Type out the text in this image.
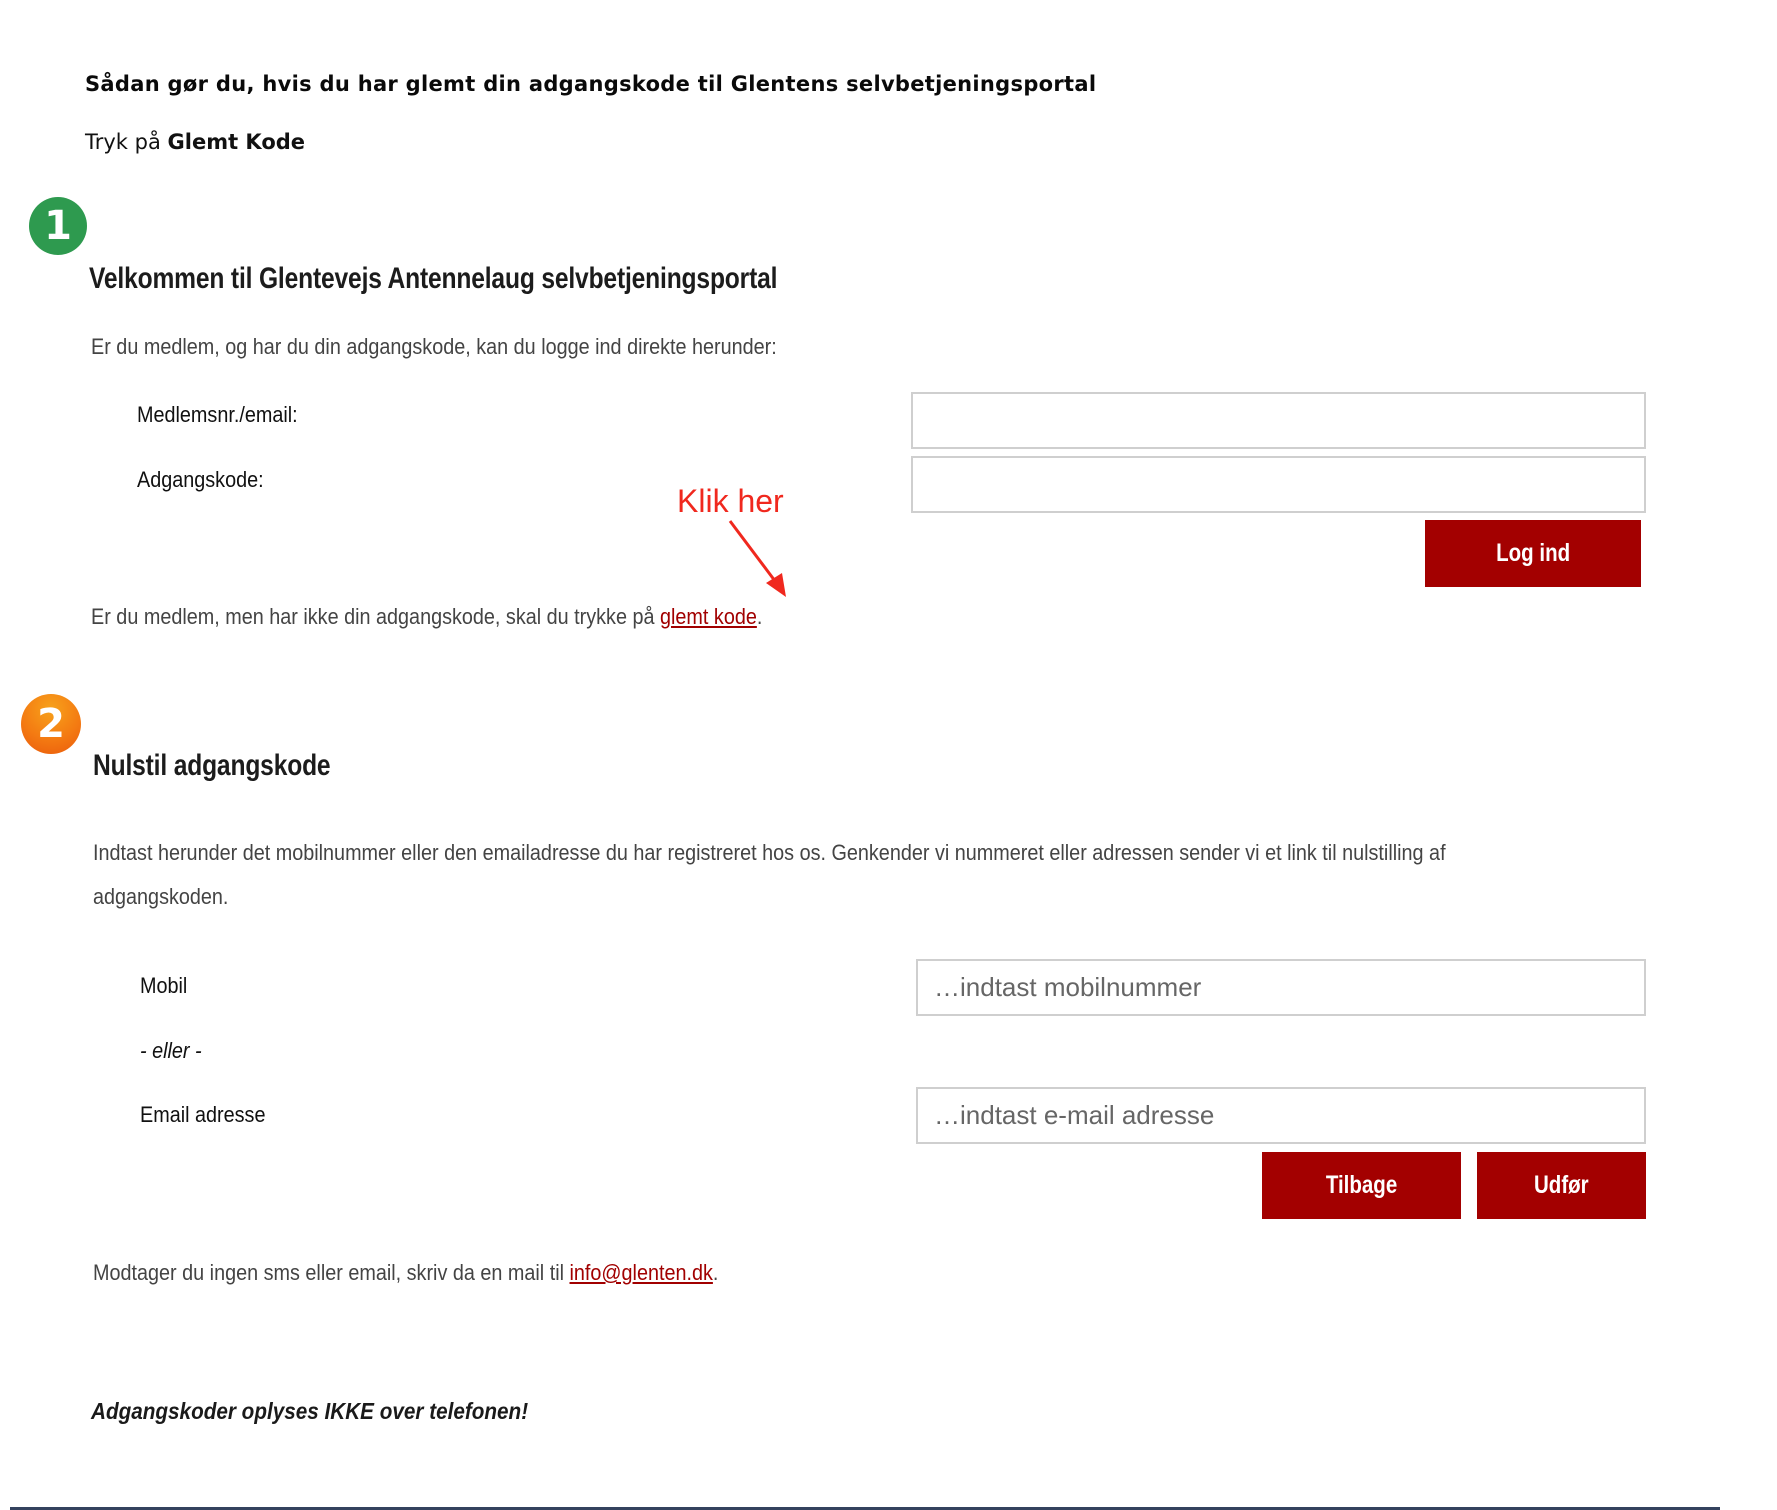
Sådan gør du, hvis du har glemt din adgangskode til Glentens selvbetjeningsportal
Tryk på Glemt Kode
1
Velkommen til Glentevejs Antennelaug selvbetjeningsportal
Er du medlem, og har du din adgangskode, kan du logge ind direkte herunder:
Medlemsnr./email:
Adgangskode:
Log ind
Klik her
Er du medlem, men har ikke din adgangskode, skal du trykke på glemt kode.
2
Nulstil adgangskode
Indtast herunder det mobilnummer eller den emailadresse du har registreret hos os. Genkender vi nummeret eller adressen sender vi et link til nulstilling af
adgangskoden.
Mobil
…indtast mobilnummer
- eller -
Email adresse
…indtast e-mail adresse
Tilbage	Udfør
Modtager du ingen sms eller email, skriv da en mail til info@glenten.dk.
Adgangskoder oplyses IKKE over telefonen!
